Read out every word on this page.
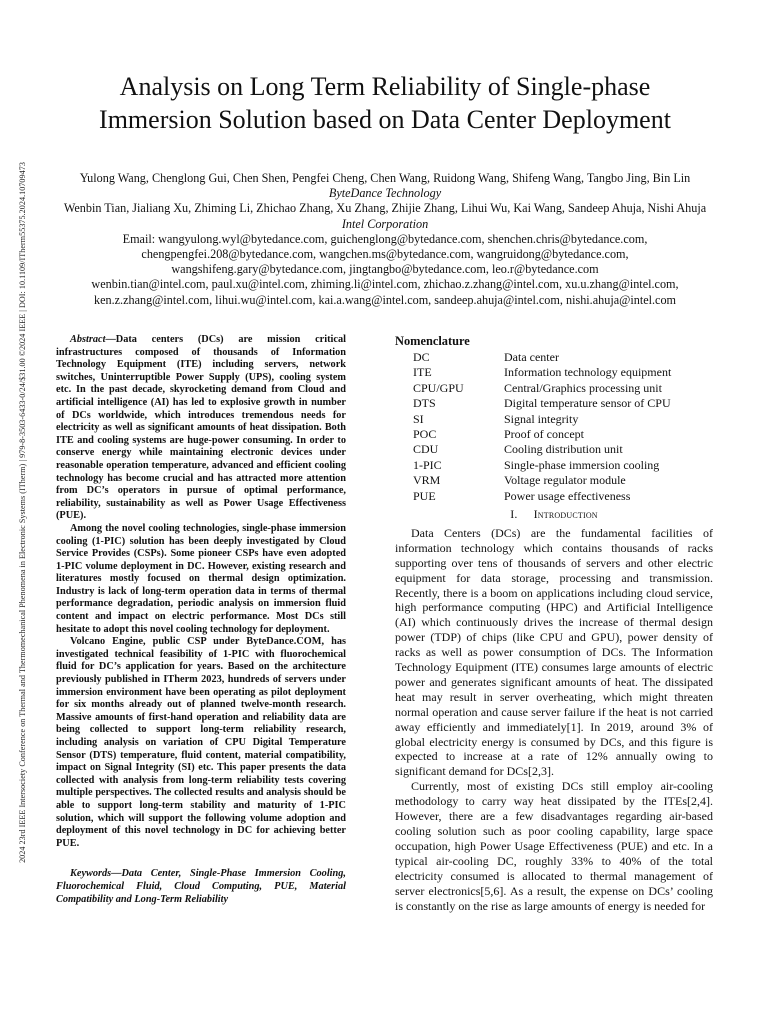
2024 23rd IEEE Intersociety Conference on Thermal and Thermomechanical Phenomena in Electronic Systems (ITherm) | 979-8-3503-6433-0/24/$31.00 ©2024 IEEE | DOI: 10.1109/ITherm55375.2024.10709473
Analysis on Long Term Reliability of Single-phase
Immersion Solution based on Data Center Deployment
Yulong Wang, Chenglong Gui, Chen Shen, Pengfei Cheng, Chen Wang, Ruidong Wang, Shifeng Wang, Tangbo Jing, Bin Lin
ByteDance Technology
Wenbin Tian, Jialiang Xu, Zhiming Li, Zhichao Zhang, Xu Zhang, Zhijie Zhang, Lihui Wu, Kai Wang, Sandeep Ahuja, Nishi Ahuja
Intel Corporation
Email: wangyulong.wyl@bytedance.com, guichenglong@bytedance.com, shenchen.chris@bytedance.com,
chengpengfei.208@bytedance.com, wangchen.ms@bytedance.com, wangruidong@bytedance.com,
wangshifeng.gary@bytedance.com, jingtangbo@bytedance.com, leo.r@bytedance.com
wenbin.tian@intel.com, paul.xu@intel.com, zhiming.li@intel.com, zhichao.z.zhang@intel.com, xu.u.zhang@intel.com,
ken.z.zhang@intel.com, lihui.wu@intel.com, kai.a.wang@intel.com, sandeep.ahuja@intel.com, nishi.ahuja@intel.com

Abstract—Data centers (DCs) are mission critical infrastructures composed of thousands of Information Technology Equipment (ITE) including servers, network switches, Uninterruptible Power Supply (UPS), cooling system etc. In the past decade, skyrocketing demand from Cloud and artificial intelligence (AI) has led to explosive growth in number of DCs worldwide, which introduces tremendous needs for electricity as well as significant amounts of heat dissipation. Both ITE and cooling systems are huge-power consuming. In order to conserve energy while maintaining electronic devices under reasonable operation temperature, advanced and efficient cooling technology has become crucial and has attracted more attention from DC’s operators in pursue of optimal performance, reliability, sustainability as well as Power Usage Effectiveness (PUE).

Among the novel cooling technologies, single-phase immersion cooling (1-PIC) solution has been deeply investigated by Cloud Service Provides (CSPs). Some pioneer CSPs have even adopted 1-PIC volume deployment in DC. However, existing research and literatures mostly focused on thermal design optimization. Industry is lack of long-term operation data in terms of thermal performance degradation, periodic analysis on immersion fluid content and impact on electric performance. Most DCs still hesitate to adopt this novel cooling technology for deployment.

Volcano Engine, public CSP under ByteDance.COM, has investigated technical feasibility of 1-PIC with fluorochemical fluid for DC’s application for years. Based on the architecture previously published in ITherm 2023, hundreds of servers under immersion environment have been operating as pilot deployment for six months already out of planned twelve-month research. Massive amounts of first-hand operation and reliability data are being collected to support long-term reliability research, including analysis on variation of CPU Digital Temperature Sensor (DTS) temperature, fluid content, material compatibility, impact on Signal Integrity (SI) etc. This paper presents the data collected with analysis from long-term reliability tests covering multiple perspectives. The collected results and analysis should be able to support long-term stability and maturity of 1-PIC solution, which will support the following volume adoption and deployment of this novel technology in DC for achieving better PUE.

Keywords—Data Center, Single-Phase Immersion Cooling, Fluorochemical Fluid, Cloud Computing, PUE, Material Compatibility and Long-Term Reliability

Nomenclature
DC	Data center
ITE	Information technology equipment
CPU/GPU	Central/Graphics processing unit
DTS	Digital temperature sensor of CPU
SI	Signal integrity
POC	Proof of concept
CDU	Cooling distribution unit
1-PIC	Single-phase immersion cooling
VRM	Voltage regulator module
PUE	Power usage effectiveness
I. Introduction

Data Centers (DCs) are the fundamental facilities of information technology which contains thousands of racks supporting over tens of thousands of servers and other electric equipment for data storage, processing and transmission. Recently, there is a boom on applications including cloud service, high performance computing (HPC) and Artificial Intelligence (AI) which continuously drives the increase of thermal design power (TDP) of chips (like CPU and GPU), power density of racks as well as power consumption of DCs. The Information Technology Equipment (ITE) consumes large amounts of electric power and generates significant amounts of heat. The dissipated heat may result in server overheating, which might threaten normal operation and cause server failure if the heat is not carried away efficiently and immediately[1]. In 2019, around 3% of global electricity energy is consumed by DCs, and this figure is expected to increase at a rate of 12% annually owing to significant demand for DCs[2,3].

Currently, most of existing DCs still employ air-cooling methodology to carry way heat dissipated by the ITEs[2,4]. However, there are a few disadvantages regarding air-based cooling solution such as poor cooling capability, large space occupation, high Power Usage Effectiveness (PUE) and etc. In a typical air-cooling DC, roughly 33% to 40% of the total electricity consumed is allocated to thermal management of server electronics[5,6]. As a result, the expense on DCs’ cooling is constantly on the rise as large amounts of energy is needed for
